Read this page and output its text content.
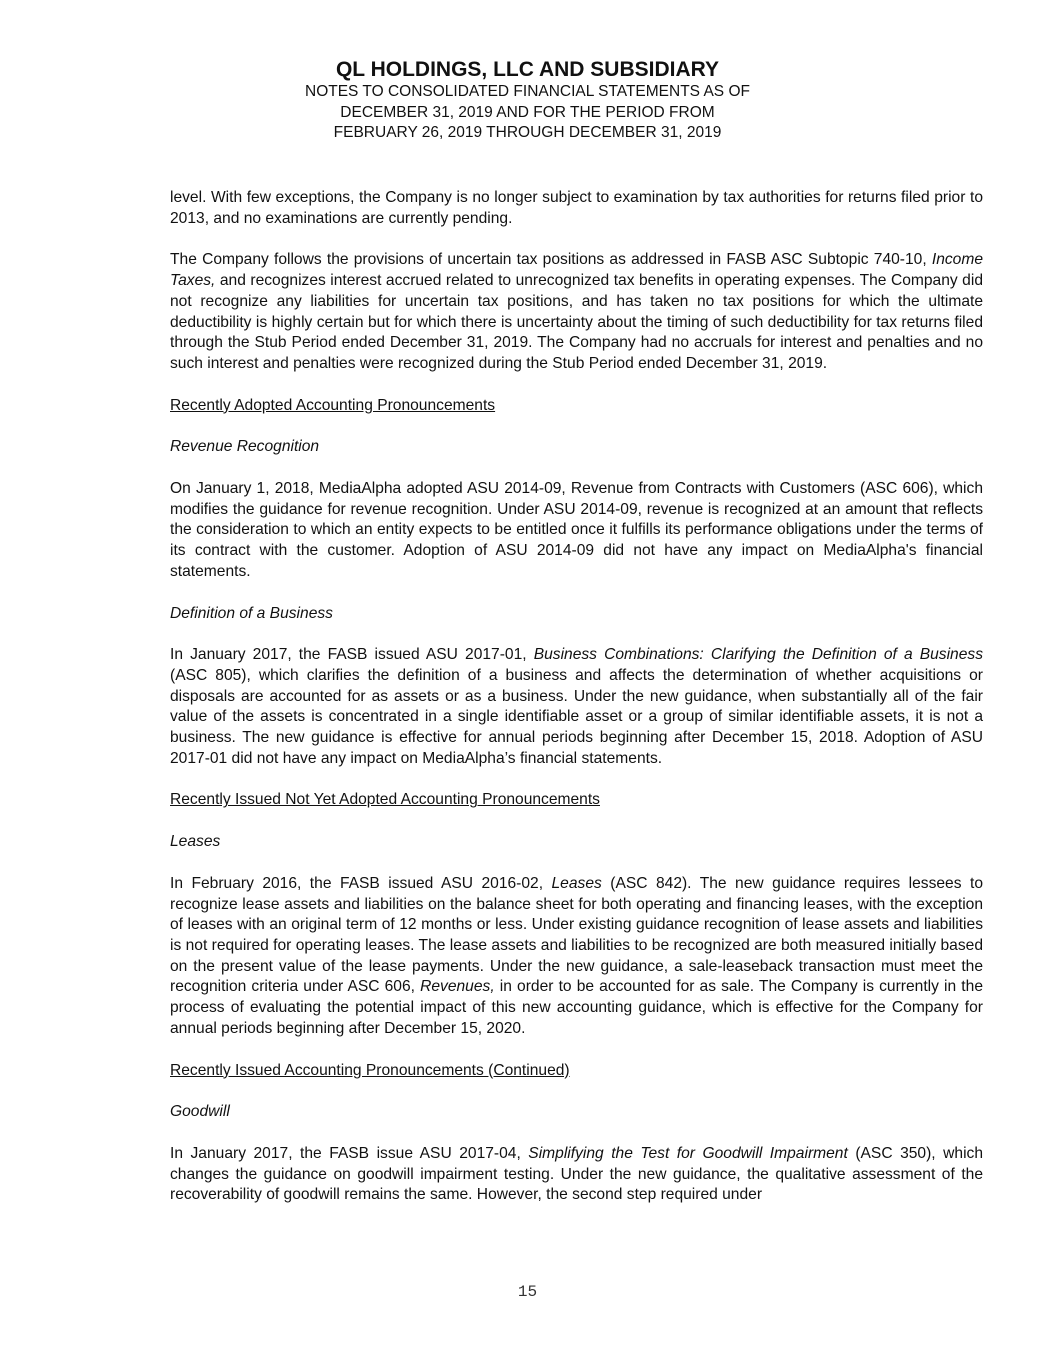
QL HOLDINGS, LLC AND SUBSIDIARY

NOTES TO CONSOLIDATED FINANCIAL STATEMENTS AS OF

DECEMBER 31, 2019 AND FOR THE PERIOD FROM

FEBRUARY 26, 2019 THROUGH DECEMBER 31, 2019

level. With few exceptions, the Company is no longer subject to examination by tax authorities for returns filed prior to 2013, and no examinations are currently pending.

The Company follows the provisions of uncertain tax positions as addressed in FASB ASC Subtopic 740-10, Income Taxes, and recognizes interest accrued related to unrecognized tax benefits in operating expenses. The Company did not recognize any liabilities for uncertain tax positions, and has taken no tax positions for which the ultimate deductibility is highly certain but for which there is uncertainty about the timing of such deductibility for tax returns filed through the Stub Period ended December 31, 2019. The Company had no accruals for interest and penalties and no such interest and penalties were recognized during the Stub Period ended December 31, 2019.

Recently Adopted Accounting Pronouncements

Revenue Recognition

On January 1, 2018, MediaAlpha adopted ASU 2014-09, Revenue from Contracts with Customers (ASC 606), which modifies the guidance for revenue recognition. Under ASU 2014-09, revenue is recognized at an amount that reflects the consideration to which an entity expects to be entitled once it fulfills its performance obligations under the terms of its contract with the customer. Adoption of ASU 2014-09 did not have any impact on MediaAlpha's financial statements.

Definition of a Business

In January 2017, the FASB issued ASU 2017-01, Business Combinations: Clarifying the Definition of a Business (ASC 805), which clarifies the definition of a business and affects the determination of whether acquisitions or disposals are accounted for as assets or as a business. Under the new guidance, when substantially all of the fair value of the assets is concentrated in a single identifiable asset or a group of similar identifiable assets, it is not a business. The new guidance is effective for annual periods beginning after December 15, 2018. Adoption of ASU 2017-01 did not have any impact on MediaAlpha’s financial statements.

Recently Issued Not Yet Adopted Accounting Pronouncements

Leases

In February 2016, the FASB issued ASU 2016-02, Leases (ASC 842). The new guidance requires lessees to recognize lease assets and liabilities on the balance sheet for both operating and financing leases, with the exception of leases with an original term of 12 months or less. Under existing guidance recognition of lease assets and liabilities is not required for operating leases. The lease assets and liabilities to be recognized are both measured initially based on the present value of the lease payments. Under the new guidance, a sale-leaseback transaction must meet the recognition criteria under ASC 606, Revenues, in order to be accounted for as sale. The Company is currently in the process of evaluating the potential impact of this new accounting guidance, which is effective for the Company for annual periods beginning after December 15, 2020.

Recently Issued Accounting Pronouncements (Continued)

Goodwill

In January 2017, the FASB issue ASU 2017-04, Simplifying the Test for Goodwill Impairment (ASC 350), which changes the guidance on goodwill impairment testing. Under the new guidance, the qualitative assessment of the recoverability of goodwill remains the same. However, the second step required under

15
